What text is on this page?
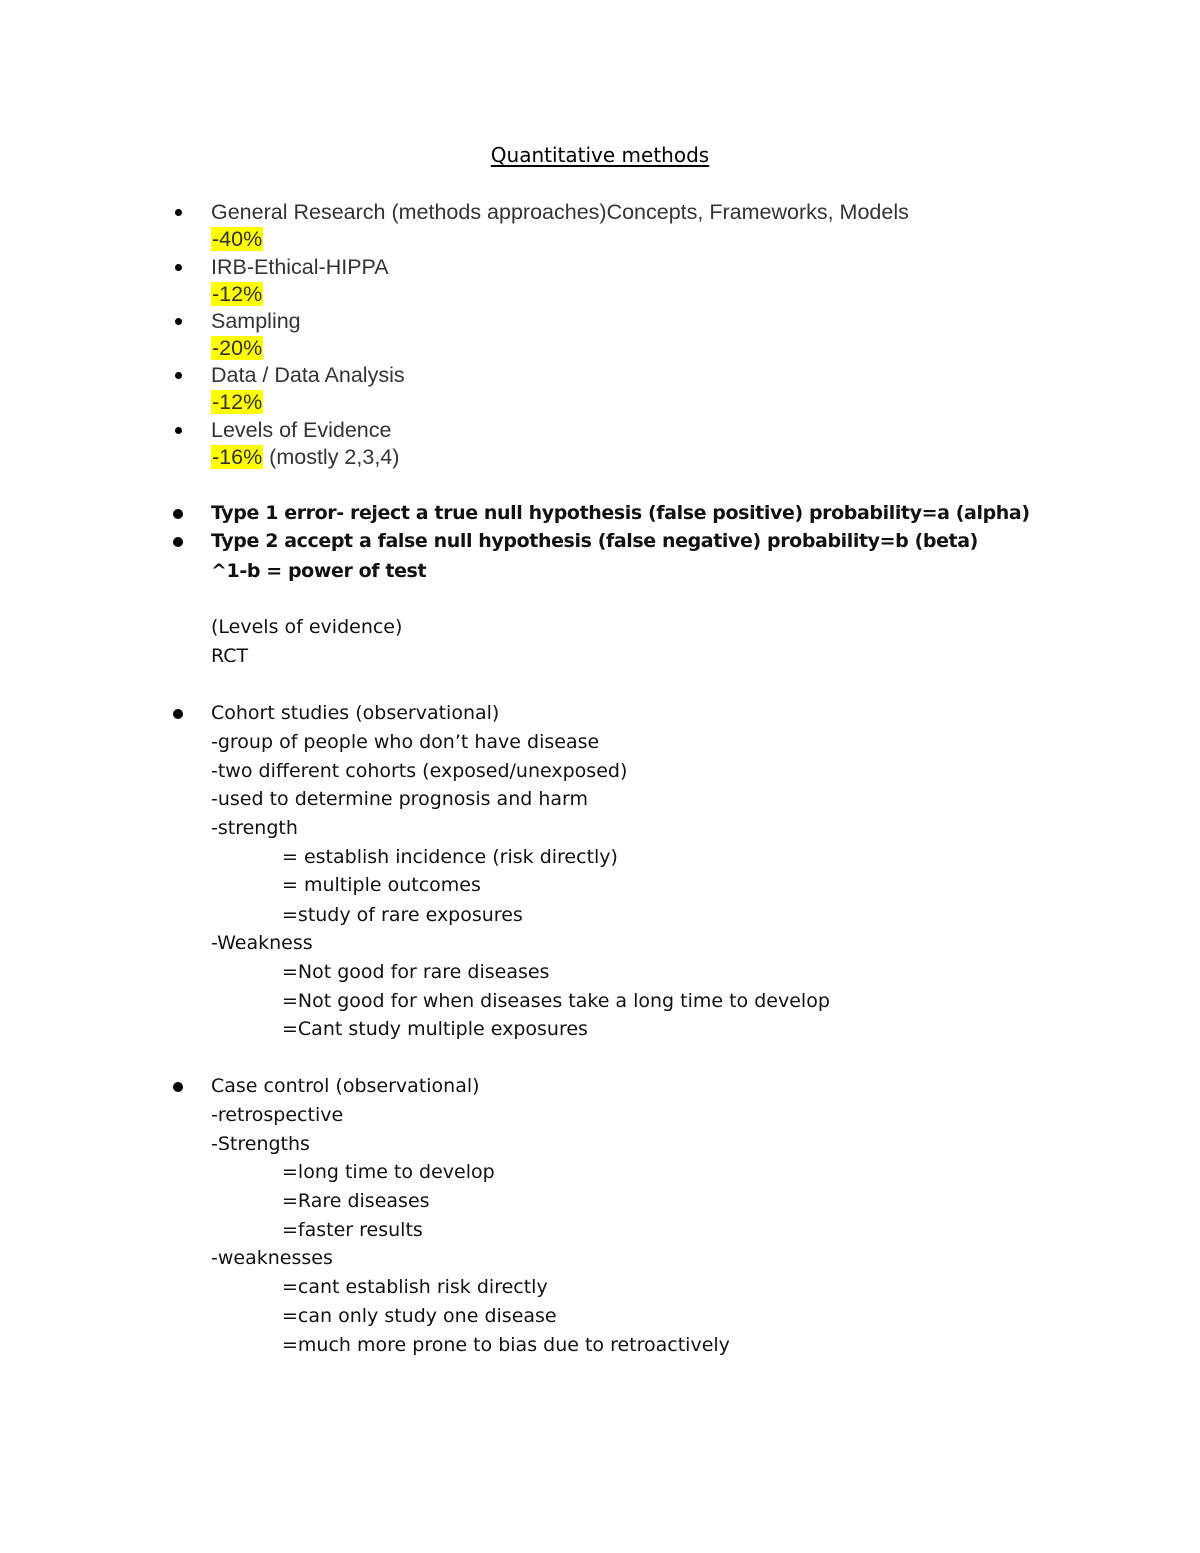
Quantitative methods
General Research (methods approaches)Concepts, Frameworks, Models
-40%
IRB-Ethical-HIPPA
-12%
Sampling
-20%
Data / Data Analysis
-12%
Levels of Evidence
-16% (mostly 2,3,4)
Type 1 error- reject a true null hypothesis (false positive) probability=a (alpha)
Type 2 accept a false null hypothesis (false negative) probability=b (beta)
^1-b = power of test
(Levels of evidence)
RCT
Cohort studies (observational)
-group of people who don’t have disease
-two different cohorts (exposed/unexposed)
-used to determine prognosis and harm
-strength
= establish incidence (risk directly)
= multiple outcomes
=study of rare exposures
-Weakness
=Not good for rare diseases
=Not good for when diseases take a long time to develop
=Cant study multiple exposures
Case control (observational)
-retrospective
-Strengths
=long time to develop
=Rare diseases
=faster results
-weaknesses
=cant establish risk directly
=can only study one disease
=much more prone to bias due to retroactively
